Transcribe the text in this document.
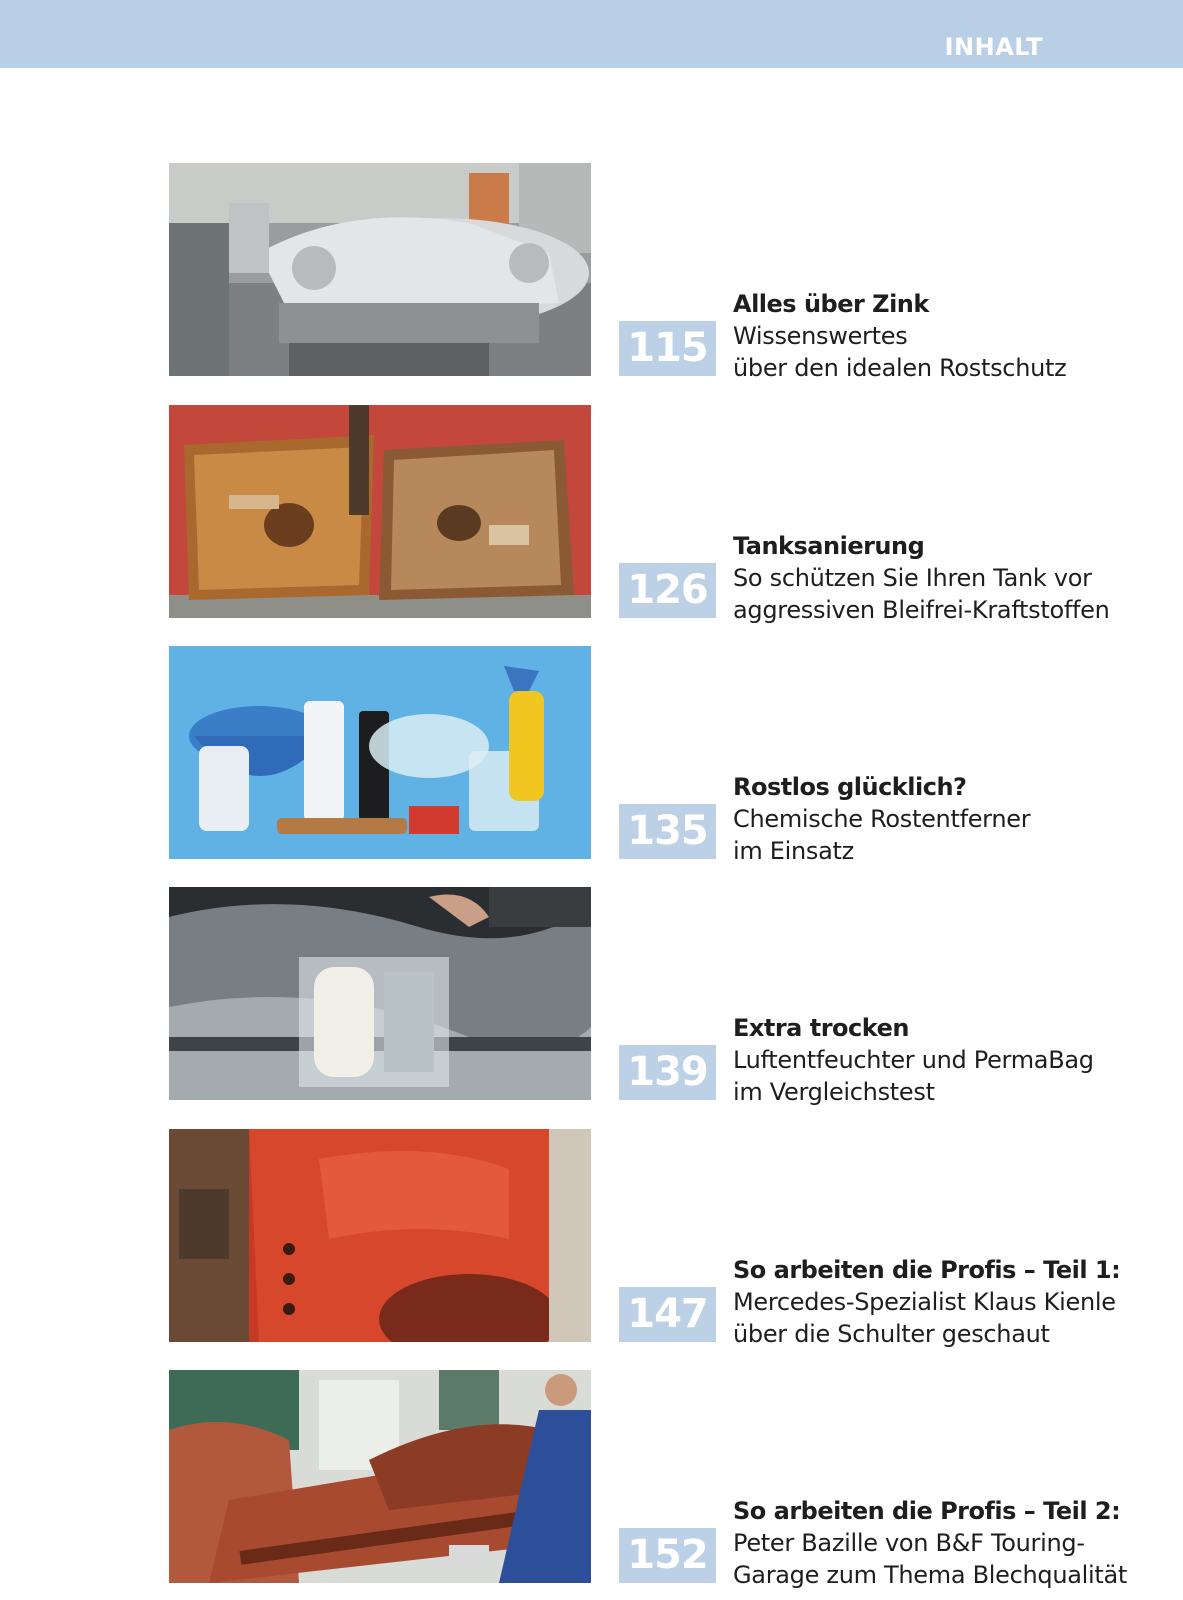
INHALT
115
Alles über Zink
Wissenswertes
über den idealen Rostschutz
126
Tanksanierung
So schützen Sie Ihren Tank vor
aggressiven Bleifrei-Kraftstoffen
135
Rostlos glücklich?
Chemische Rostentferner
im Einsatz
139
Extra trocken
Luftentfeuchter und PermaBag
im Vergleichstest
147
So arbeiten die Profis – Teil 1:
Mercedes-Spezialist Klaus Kienle
über die Schulter geschaut
152
So arbeiten die Profis – Teil 2:
Peter Bazille von B&F Touring-
Garage zum Thema Blechqualität
